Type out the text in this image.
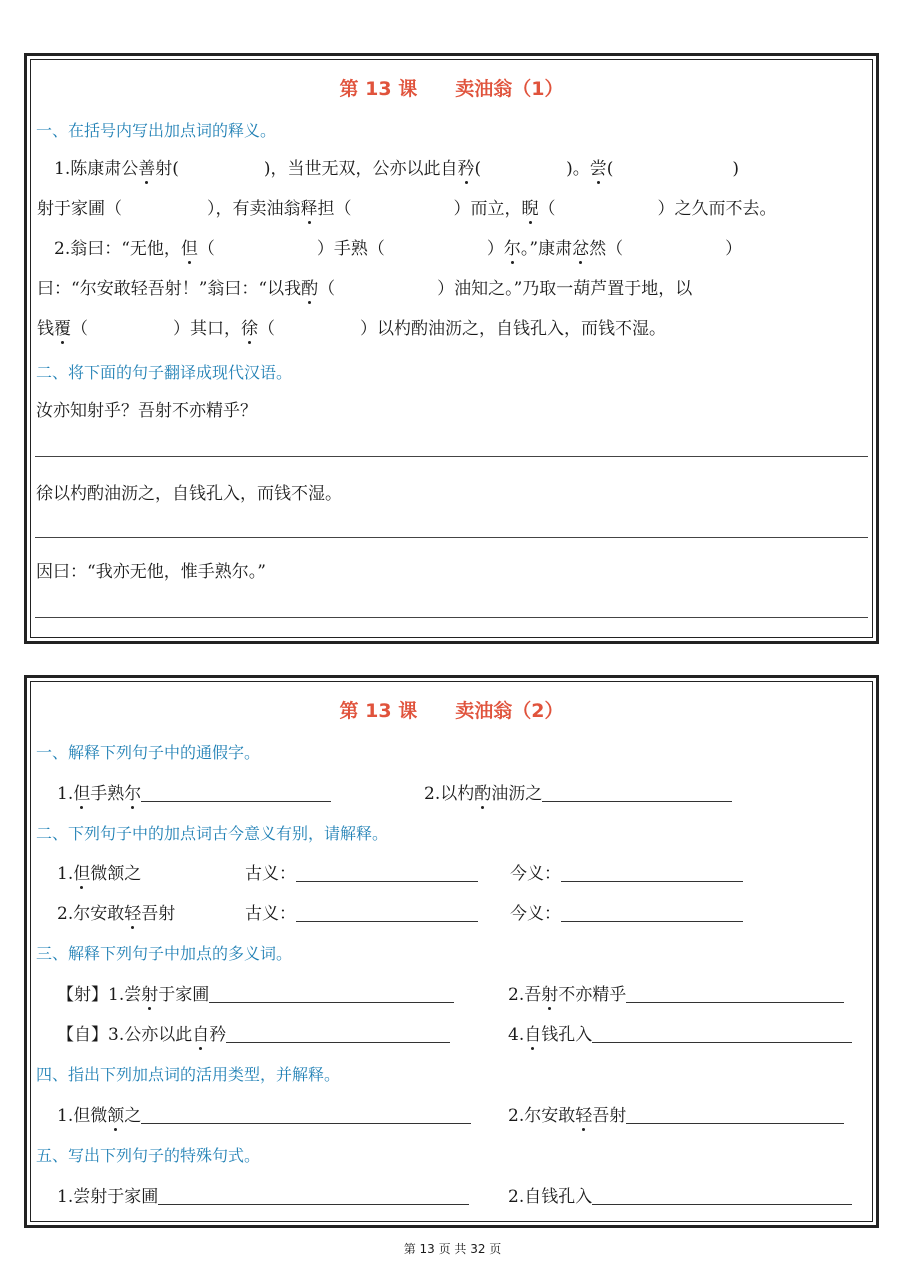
第 13 课　　卖油翁（1）
一、在括号内写出加点词的释义。
　1.陈康肃公善射(　　　　　)，当世无双，公亦以此自矜(　　　　　)。尝(　　　　　　　)
射于家圃（　　　　　），有卖油翁释担（　　　　　　）而立，睨（　　　　　　）之久而不去。
　2.翁曰：“无他，但（　　　　　　）手熟（　　　　　　）尔。”康肃忿然（　　　　　　）
曰：“尔安敢轻吾射！”翁曰：“以我酌（　　　　　　）油知之。”乃取一葫芦置于地，以
钱覆（　　　　　）其口，徐（　　　　　）以杓酌油沥之，自钱孔入，而钱不湿。
二、将下面的句子翻译成现代汉语。
汝亦知射乎？吾射不亦精乎？
徐以杓酌油沥之，自钱孔入，而钱不湿。
因曰：“我亦无他，惟手熟尔。”
第 13 课　　卖油翁（2）
一、解释下列句子中的通假字。
1.但手熟尔	2.以杓酌油沥之
二、下列句子中的加点词古今意义有别，请解释。
1.但微颔之	古义：	今义：
2.尔安敢轻吾射	古义：	今义：
三、解释下列句子中加点的多义词。
【射】1.尝射于家圃	2.吾射不亦精乎
【自】3.公亦以此自矜	4.自钱孔入
四、指出下列加点词的活用类型，并解释。
1.但微颔之	2.尔安敢轻吾射
五、写出下列句子的特殊句式。
1.尝射于家圃	2.自钱孔入
第 13 页 共 32 页
